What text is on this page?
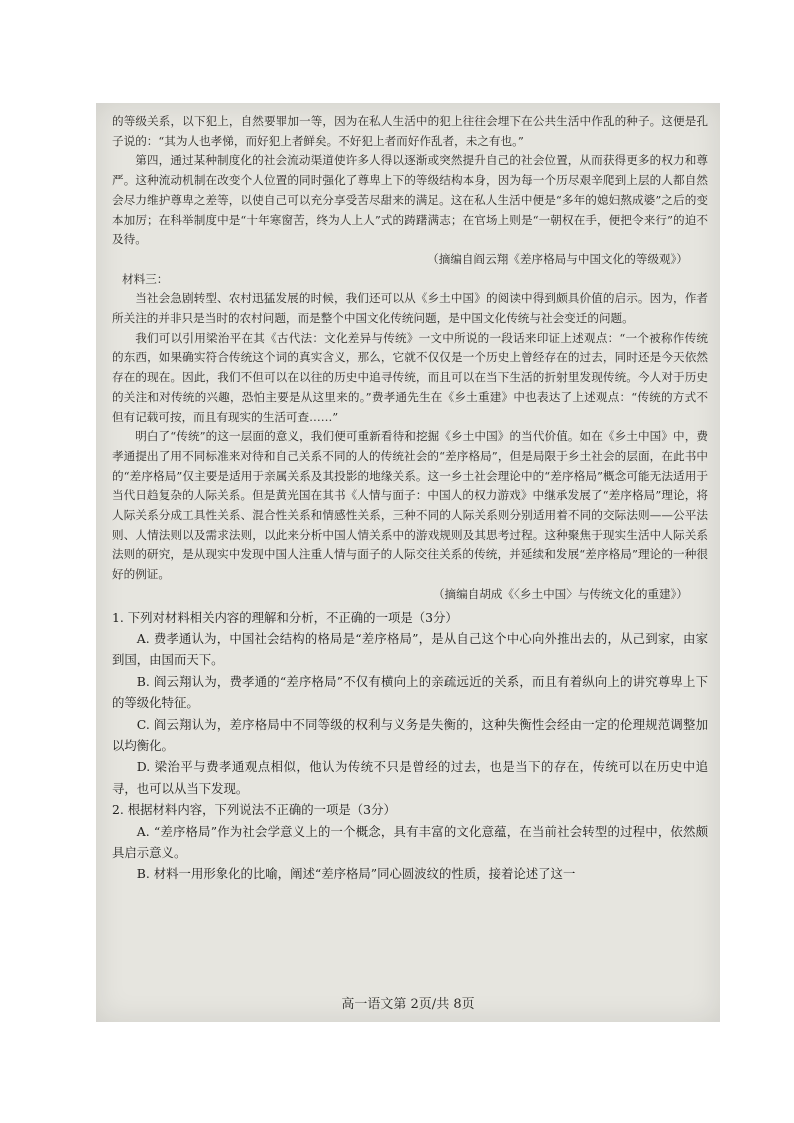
的等级关系，以下犯上，自然要罪加一等，因为在私人生活中的犯上往往会埋下在公共生活中作乱的种子。这便是孔子说的：“其为人也孝悌，而好犯上者鲜矣。不好犯上者而好作乱者，未之有也。”

第四，通过某种制度化的社会流动渠道使许多人得以逐渐或突然提升自己的社会位置，从而获得更多的权力和尊严。这种流动机制在改变个人位置的同时强化了尊卑上下的等级结构本身，因为每一个历尽艰辛爬到上层的人都自然会尽力维护尊卑之差等，以使自己可以充分享受苦尽甜来的满足。这在私人生活中便是“多年的媳妇熬成婆”之后的变本加厉；在科举制度中是“十年寒窗苦，终为人上人”式的踌躇满志；在官场上则是“一朝权在手，便把令来行”的迫不及待。

（摘编自阎云翔《差序格局与中国文化的等级观》）

材料三：

当社会急剧转型、农村迅猛发展的时候，我们还可以从《乡土中国》的阅读中得到颇具价值的启示。因为，作者所关注的并非只是当时的农村问题，而是整个中国文化传统问题，是中国文化传统与社会变迁的问题。

我们可以引用梁治平在其《古代法：文化差异与传统》一文中所说的一段话来印证上述观点：“一个被称作传统的东西，如果确实符合传统这个词的真实含义，那么，它就不仅仅是一个历史上曾经存在的过去，同时还是今天依然存在的现在。因此，我们不但可以在以往的历史中追寻传统，而且可以在当下生活的折射里发现传统。今人对于历史的关注和对传统的兴趣，恐怕主要是从这里来的。”费孝通先生在《乡土重建》中也表达了上述观点：“传统的方式不但有记载可按，而且有现实的生活可查……”

明白了“传统”的这一层面的意义，我们便可重新看待和挖掘《乡土中国》的当代价值。如在《乡土中国》中，费孝通提出了用不同标准来对待和自己关系不同的人的传统社会的“差序格局”，但是局限于乡土社会的层面，在此书中的“差序格局”仅主要是适用于亲属关系及其投影的地缘关系。这一乡土社会理论中的“差序格局”概念可能无法适用于当代日趋复杂的人际关系。但是黄光国在其书《人情与面子：中国人的权力游戏》中继承发展了“差序格局”理论，将人际关系分成工具性关系、混合性关系和情感性关系，三种不同的人际关系则分别适用着不同的交际法则——公平法则、人情法则以及需求法则，以此来分析中国人情关系中的游戏规则及其思考过程。这种聚焦于现实生活中人际关系法则的研究，是从现实中发现中国人注重人情与面子的人际交往关系的传统，并延续和发展“差序格局”理论的一种很好的例证。

（摘编自胡成《〈乡土中国〉与传统文化的重建》）

1. 下列对材料相关内容的理解和分析，不正确的一项是（3分）

A. 费孝通认为，中国社会结构的格局是“差序格局”，是从自己这个中心向外推出去的，从己到家，由家到国，由国而天下。

B. 阎云翔认为，费孝通的“差序格局”不仅有横向上的亲疏远近的关系，而且有着纵向上的讲究尊卑上下的等级化特征。

C. 阎云翔认为，差序格局中不同等级的权利与义务是失衡的，这种失衡性会经由一定的伦理规范调整加以均衡化。

D. 梁治平与费孝通观点相似，他认为传统不只是曾经的过去，也是当下的存在，传统可以在历史中追寻，也可以从当下发现。

2. 根据材料内容，下列说法不正确的一项是（3分）

A. “差序格局”作为社会学意义上的一个概念，具有丰富的文化意蕴，在当前社会转型的过程中，依然颇具启示意义。

B. 材料一用形象化的比喻，阐述“差序格局”同心圆波纹的性质，接着论述了这一

高一语文第 2页/共 8页
